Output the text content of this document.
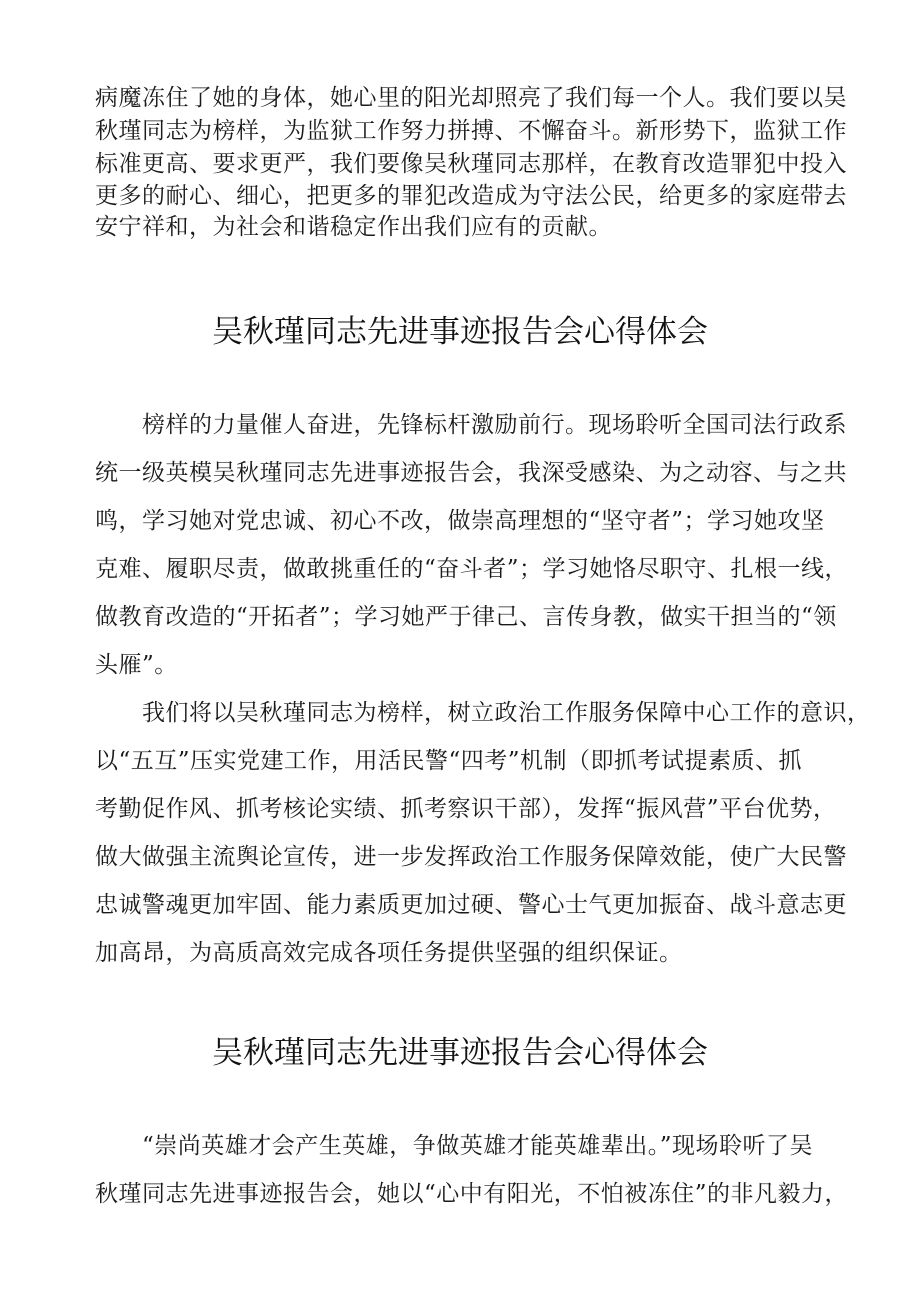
病魔冻住了她的身体，她心里的阳光却照亮了我们每一个人。我们要以吴
秋瑾同志为榜样，为监狱工作努力拼搏、不懈奋斗。新形势下，监狱工作
标准更高、要求更严，我们要像吴秋瑾同志那样，在教育改造罪犯中投入
更多的耐心、细心，把更多的罪犯改造成为守法公民，给更多的家庭带去
安宁祥和，为社会和谐稳定作出我们应有的贡献。
吴秋瑾同志先进事迹报告会心得体会
榜样的力量催人奋进，先锋标杆激励前行。现场聆听全国司法行政系
统一级英模吴秋瑾同志先进事迹报告会，我深受感染、为之动容、与之共
鸣，学习她对党忠诚、初心不改，做崇高理想的“坚守者”；学习她攻坚
克难、履职尽责，做敢挑重任的“奋斗者”；学习她恪尽职守、扎根一线，
做教育改造的“开拓者”；学习她严于律己、言传身教，做实干担当的“领
头雁”。
我们将以吴秋瑾同志为榜样，树立政治工作服务保障中心工作的意识，
以“五互”压实党建工作，用活民警“四考”机制（即抓考试提素质、抓
考勤促作风、抓考核论实绩、抓考察识干部），发挥“振风营”平台优势，
做大做强主流舆论宣传，进一步发挥政治工作服务保障效能，使广大民警
忠诚警魂更加牢固、能力素质更加过硬、警心士气更加振奋、战斗意志更
加高昂，为高质高效完成各项任务提供坚强的组织保证。
吴秋瑾同志先进事迹报告会心得体会
“崇尚英雄才会产生英雄，争做英雄才能英雄辈出。”现场聆听了吴
秋瑾同志先进事迹报告会，她以“心中有阳光，不怕被冻住”的非凡毅力，
